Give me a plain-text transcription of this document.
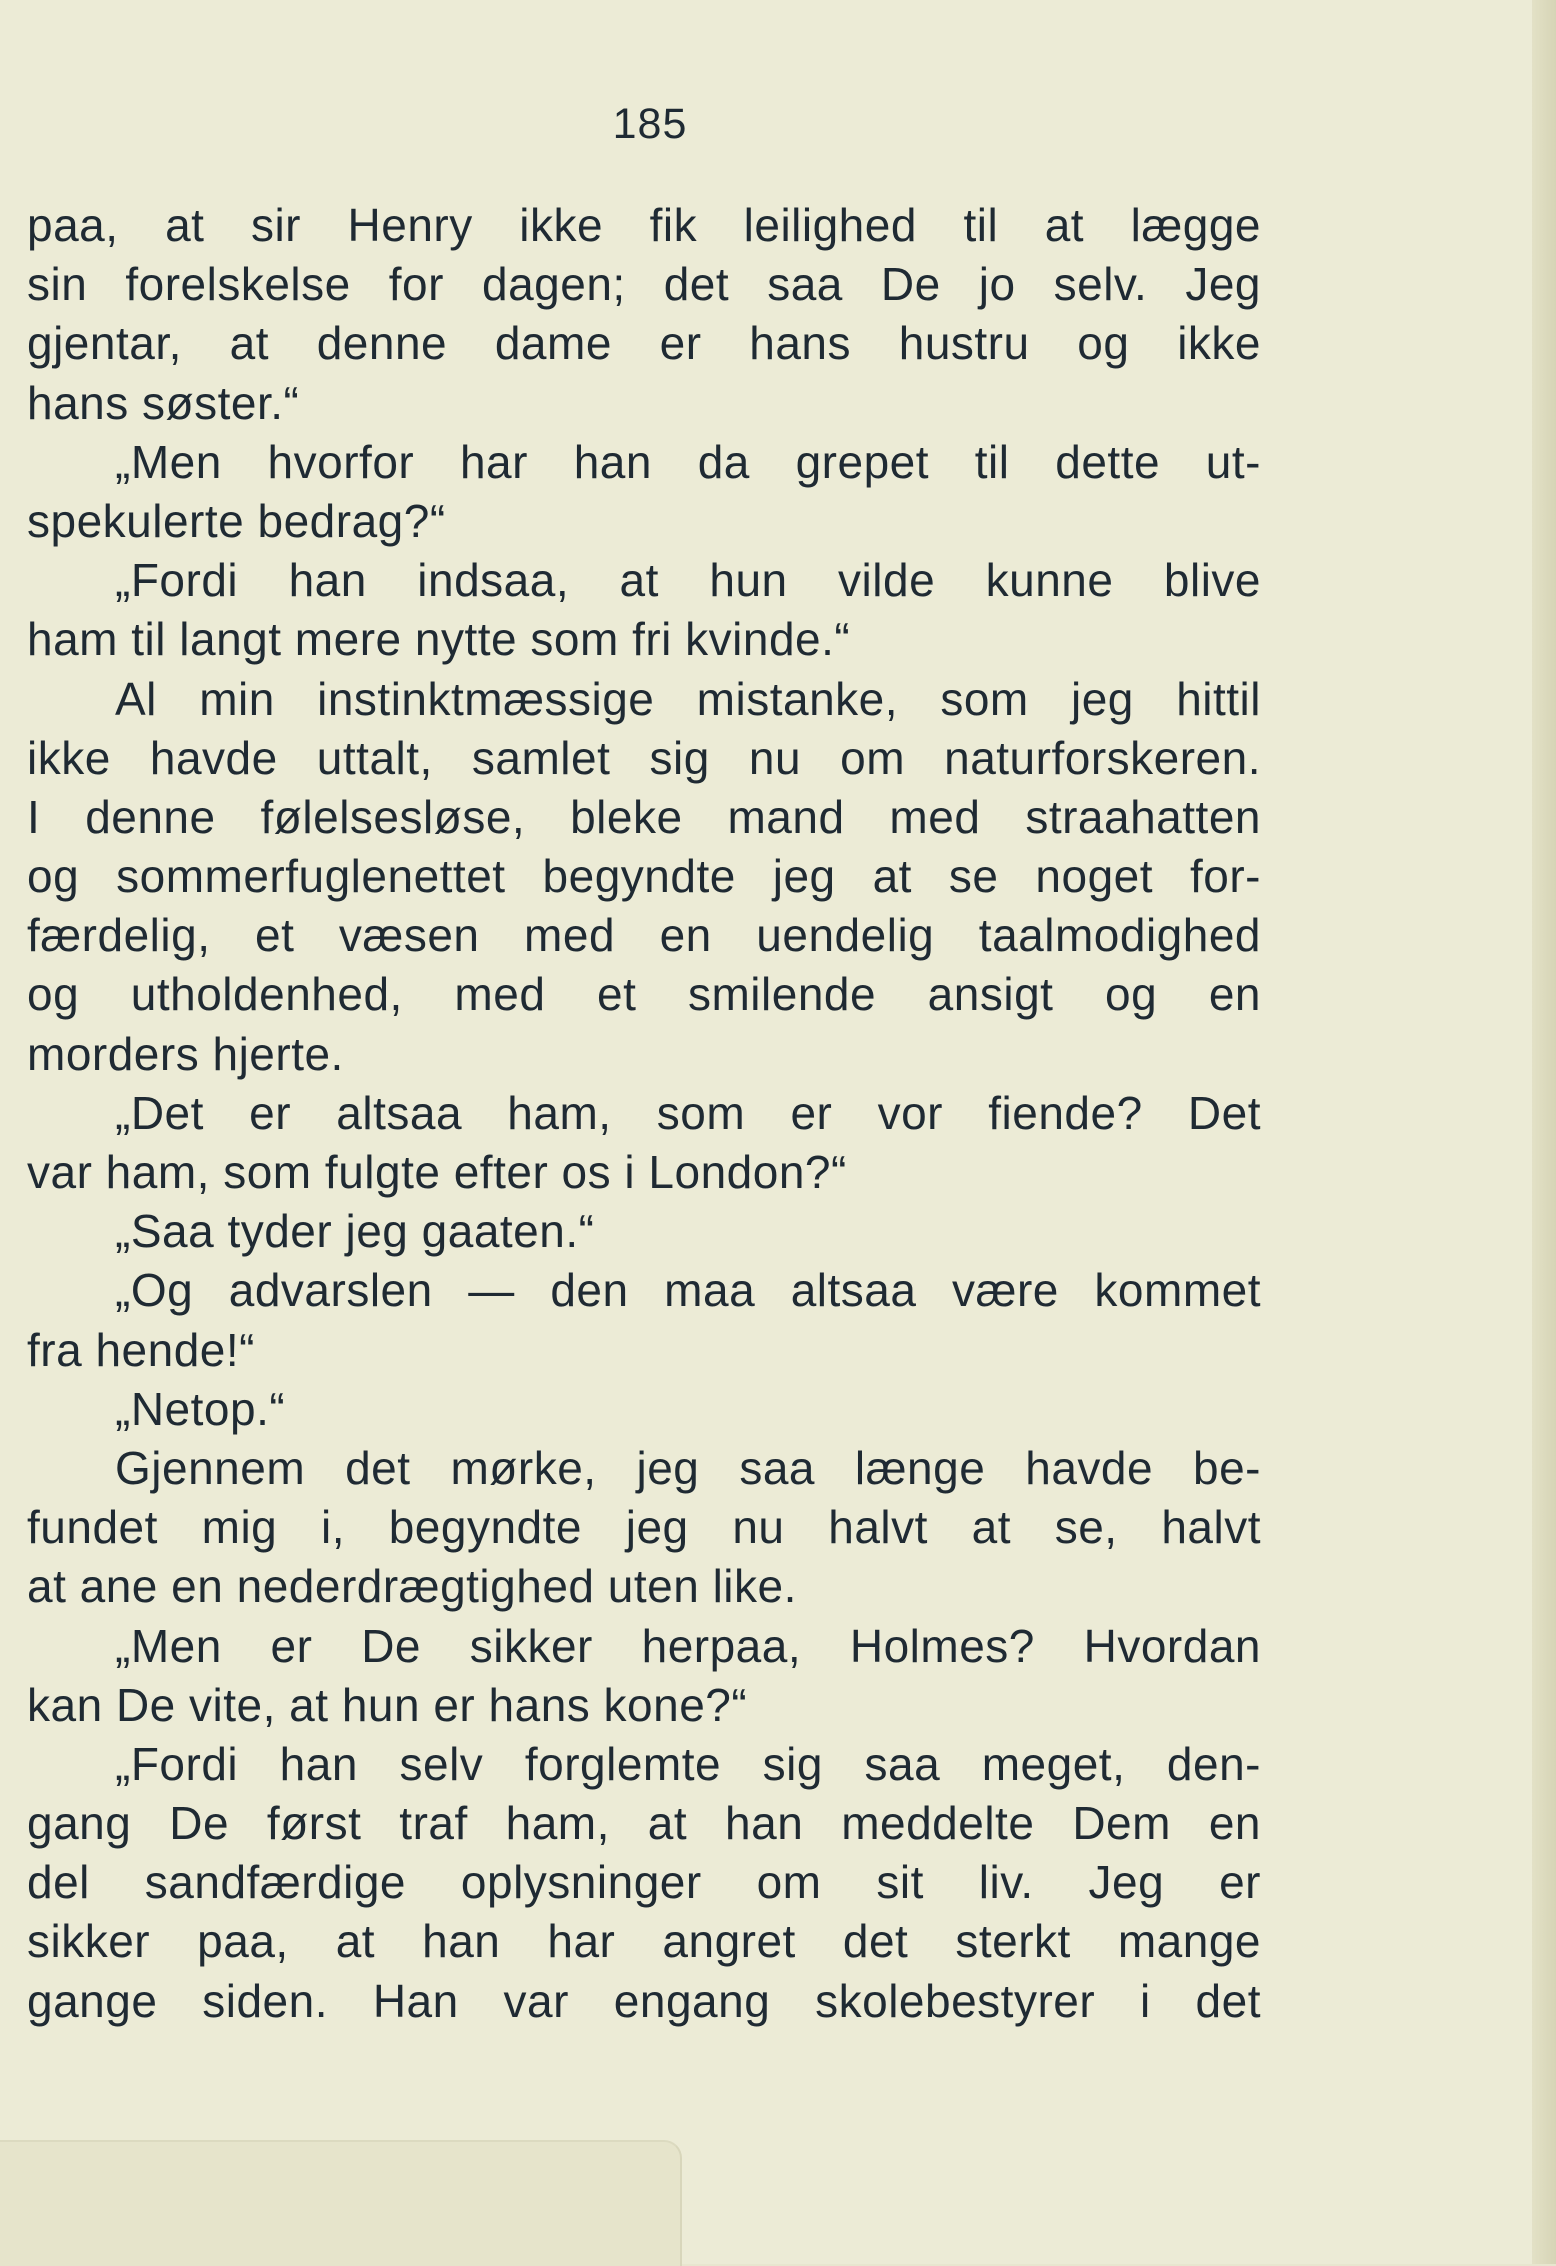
185
paa, at sir Henry ikke fik leilighed til at lægge
sin forelskelse for dagen; det saa De jo selv. Jeg
gjentar, at denne dame er hans hustru og ikke
hans søster.“
„Men hvorfor har han da grepet til dette ut-
spekulerte bedrag?“
„Fordi han indsaa, at hun vilde kunne blive
ham til langt mere nytte som fri kvinde.“
Al min instinktmæssige mistanke, som jeg hittil
ikke havde uttalt, samlet sig nu om naturforskeren.
I denne følelsesløse, bleke mand med straahatten
og sommerfuglenettet begyndte jeg at se noget for-
færdelig, et væsen med en uendelig taalmodighed
og utholdenhed, med et smilende ansigt og en
morders hjerte.
„Det er altsaa ham, som er vor fiende? Det
var ham, som fulgte efter os i London?“
„Saa tyder jeg gaaten.“
„Og advarslen — den maa altsaa være kommet
fra hende!“
„Netop.“
Gjennem det mørke, jeg saa længe havde be-
fundet mig i, begyndte jeg nu halvt at se, halvt
at ane en nederdrægtighed uten like.
„Men er De sikker herpaa, Holmes? Hvordan
kan De vite, at hun er hans kone?“
„Fordi han selv forglemte sig saa meget, den-
gang De først traf ham, at han meddelte Dem en
del sandfærdige oplysninger om sit liv. Jeg er
sikker paa, at han har angret det sterkt mange
gange siden. Han var engang skolebestyrer i det
